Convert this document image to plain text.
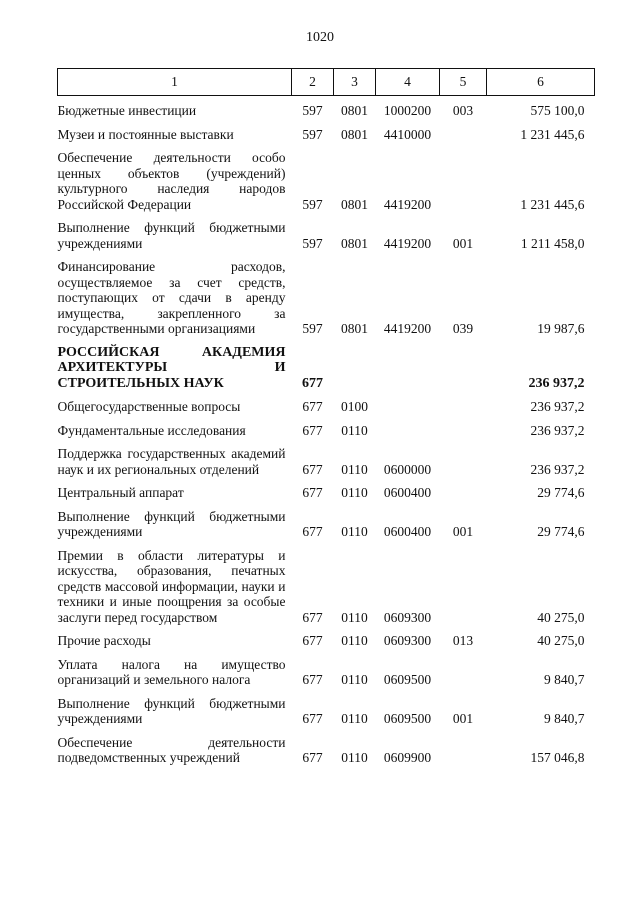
1020
1	2	3	4	5	6
Бюджетные инвестиции	597	0801	1000200	003	575 100,0
Музеи и постоянные выставки	597	0801	4410000		1 231 445,6
Обеспечение деятельности особо ценных объектов (учреждений) культурного наследия народов Российской Федерации	597	0801	4419200		1 231 445,6
Выполнение функций бюджетными учреждениями	597	0801	4419200	001	1 211 458,0
Финансирование расходов, осуществляемое за счет средств, поступающих от сдачи в аренду имущества, закрепленного за государственными организациями	597	0801	4419200	039	19 987,6
РОССИЙСКАЯ АКАДЕМИЯ АРХИТЕКТУРЫ И СТРОИТЕЛЬНЫХ НАУК	677				236 937,2
Общегосударственные вопросы	677	0100			236 937,2
Фундаментальные исследования	677	0110			236 937,2
Поддержка государственных академий наук и их региональных отделений	677	0110	0600000		236 937,2
Центральный аппарат	677	0110	0600400		29 774,6
Выполнение функций бюджетными учреждениями	677	0110	0600400	001	29 774,6
Премии в области литературы и искусства, образования, печатных средств массовой информации, науки и техники и иные поощрения за особые заслуги перед государством	677	0110	0609300		40 275,0
Прочие расходы	677	0110	0609300	013	40 275,0
Уплата налога на имущество организаций и земельного налога	677	0110	0609500		9 840,7
Выполнение функций бюджетными учреждениями	677	0110	0609500	001	9 840,7
Обеспечение деятельности подведомственных учреждений	677	0110	0609900		157 046,8
